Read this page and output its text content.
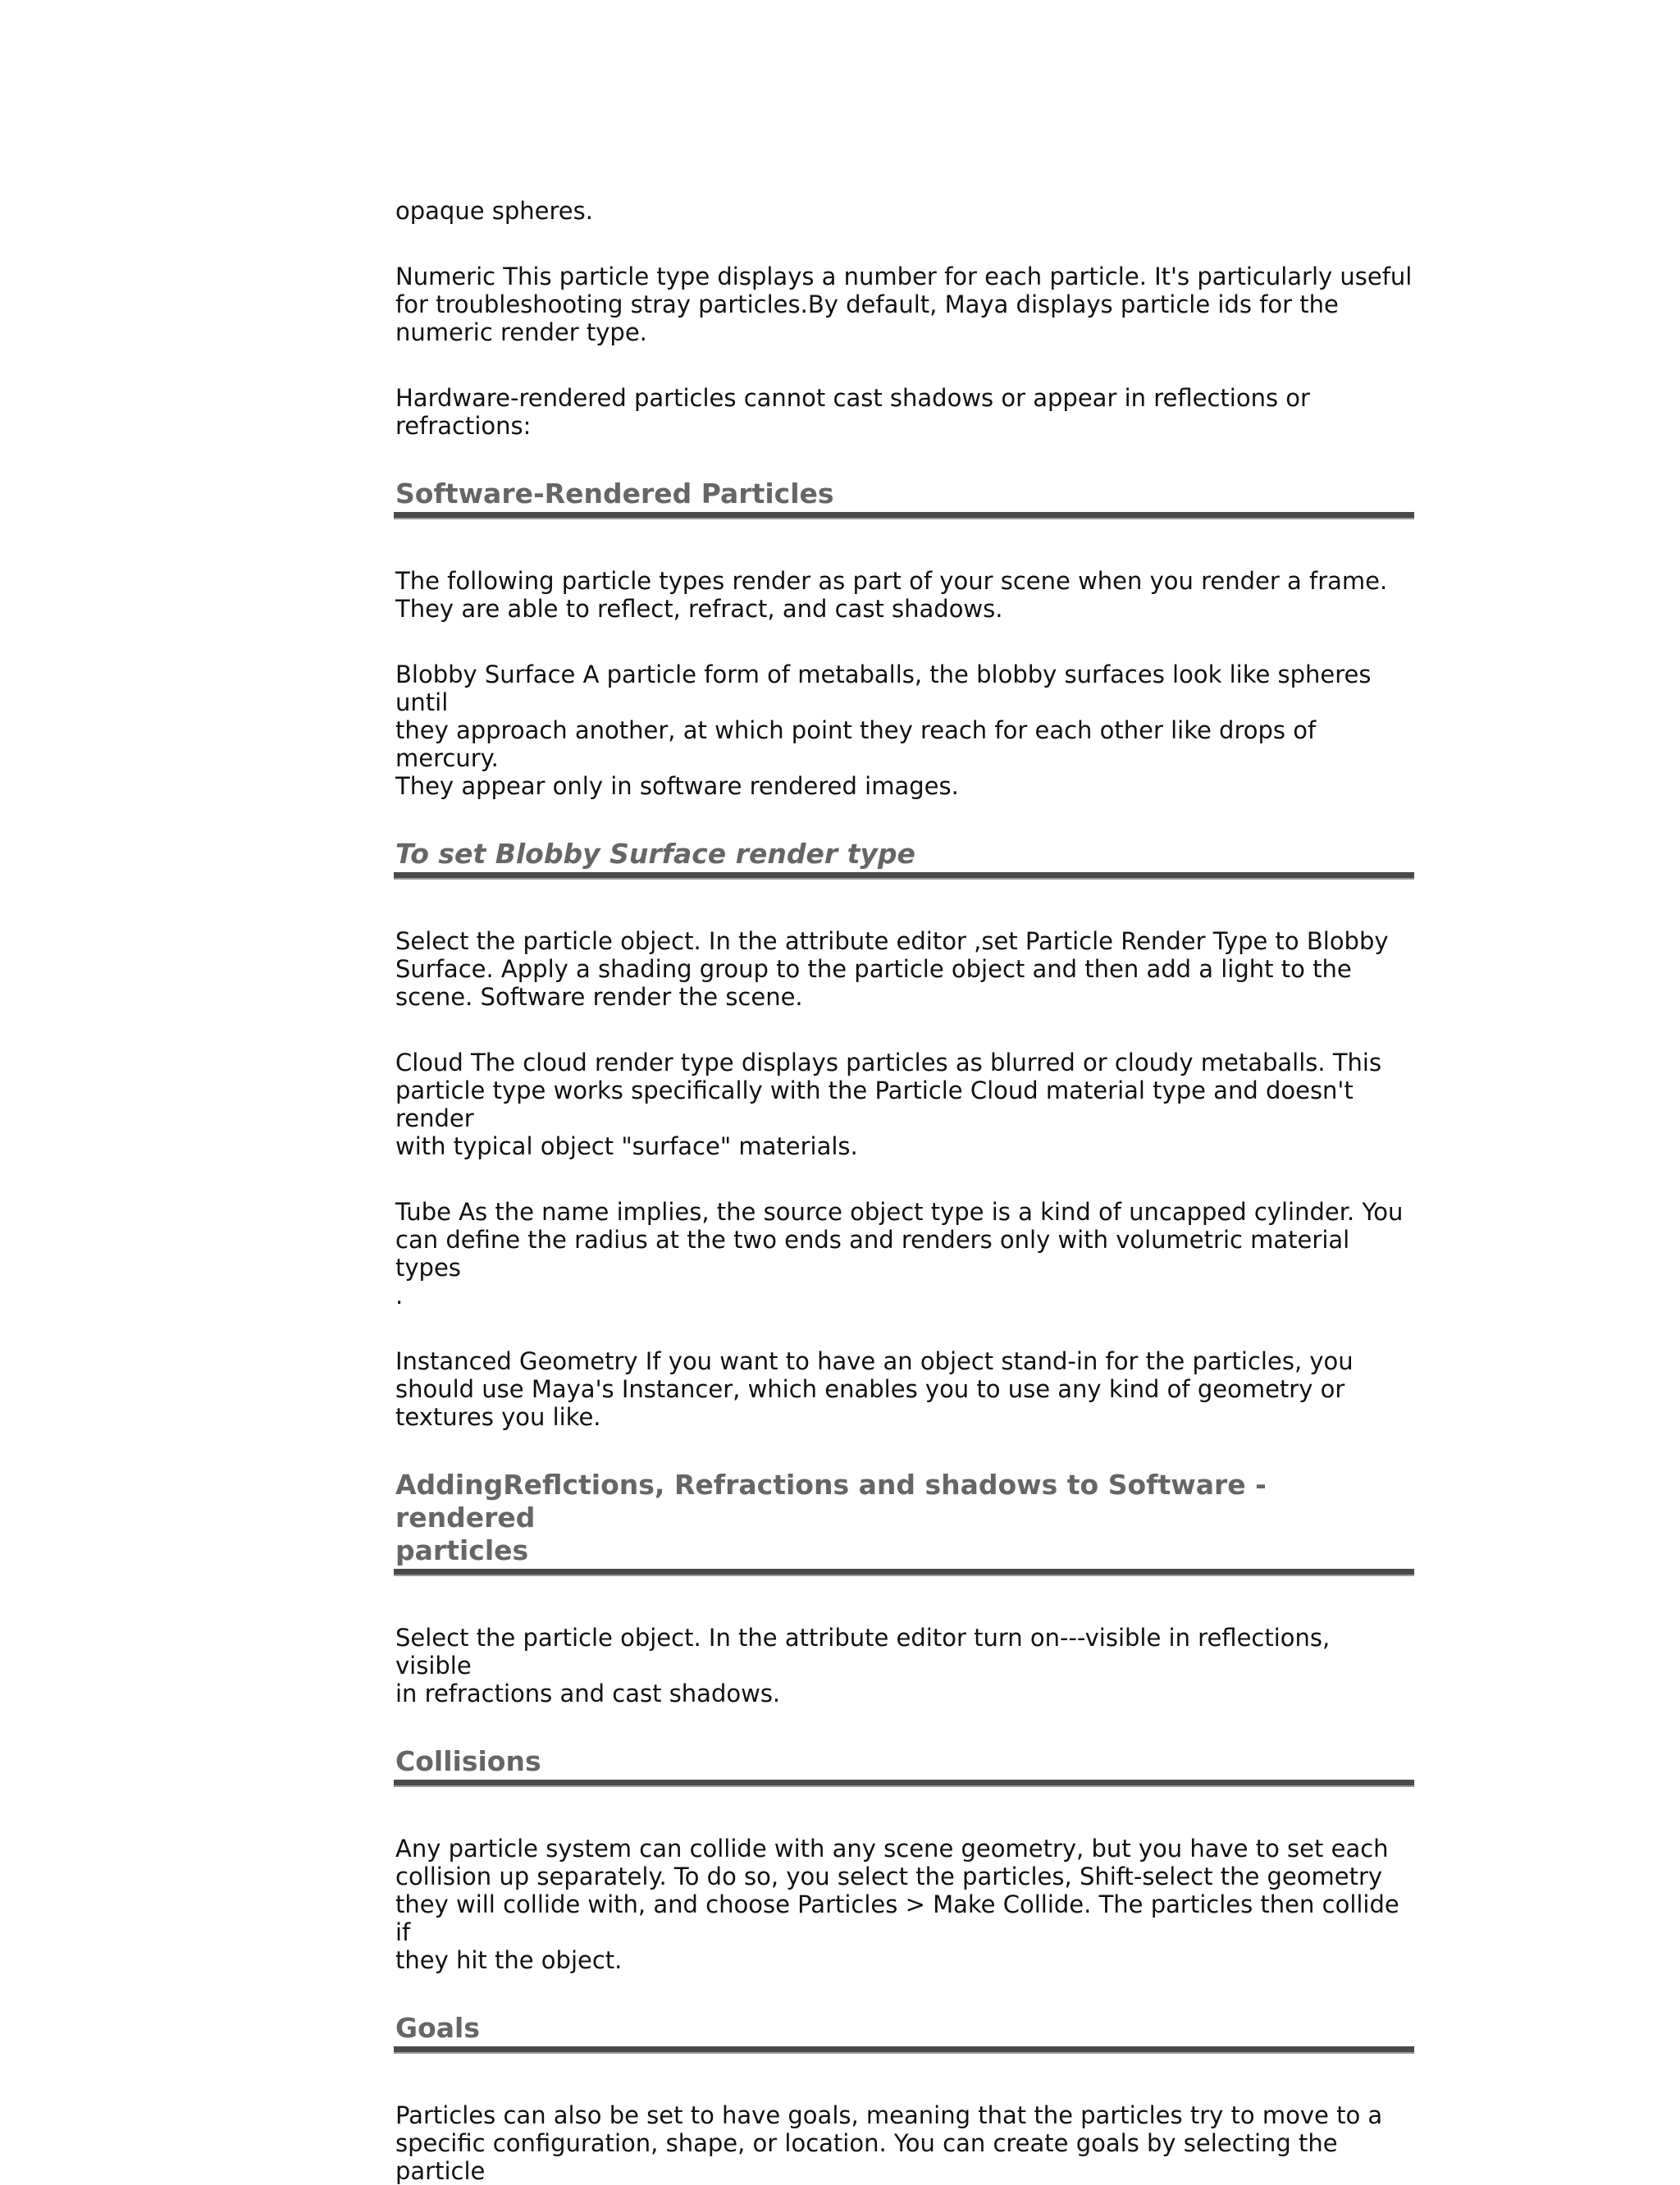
opaque spheres.

Numeric This particle type displays a number for each particle. It's particularly useful
for troubleshooting stray particles.By default, Maya displays particle ids for the
numeric render type.

Hardware-rendered particles cannot cast shadows or appear in reflections or
refractions:

Software-Rendered Particles

The following particle types render as part of your scene when you render a frame.
They are able to reflect, refract, and cast shadows.

Blobby Surface A particle form of metaballs, the blobby surfaces look like spheres until
they approach another, at which point they reach for each other like drops of mercury.
They appear only in software rendered images.

To set Blobby Surface render type

Select the particle object. In the attribute editor ,set Particle Render Type to Blobby
Surface. Apply a shading group to the particle object and then add a light to the
scene. Software render the scene.

Cloud The cloud render type displays particles as blurred or cloudy metaballs. This
particle type works specifically with the Particle Cloud material type and doesn't render
with typical object "surface" materials.

Tube As the name implies, the source object type is a kind of uncapped cylinder. You
can define the radius at the two ends and renders only with volumetric material types
.

Instanced Geometry If you want to have an object stand-in for the particles, you
should use Maya's Instancer, which enables you to use any kind of geometry or
textures you like.

AddingReflctions, Refractions and shadows to Software - rendered
particles

Select the particle object. In the attribute editor turn on---visible in reflections, visible
in refractions and cast shadows.

Collisions

Any particle system can collide with any scene geometry, but you have to set each
collision up separately. To do so, you select the particles, Shift-select the geometry
they will collide with, and choose Particles > Make Collide. The particles then collide if
they hit the object.

Goals

Particles can also be set to have goals, meaning that the particles try to move to a
specific configuration, shape, or location. You can create goals by selecting the particle
